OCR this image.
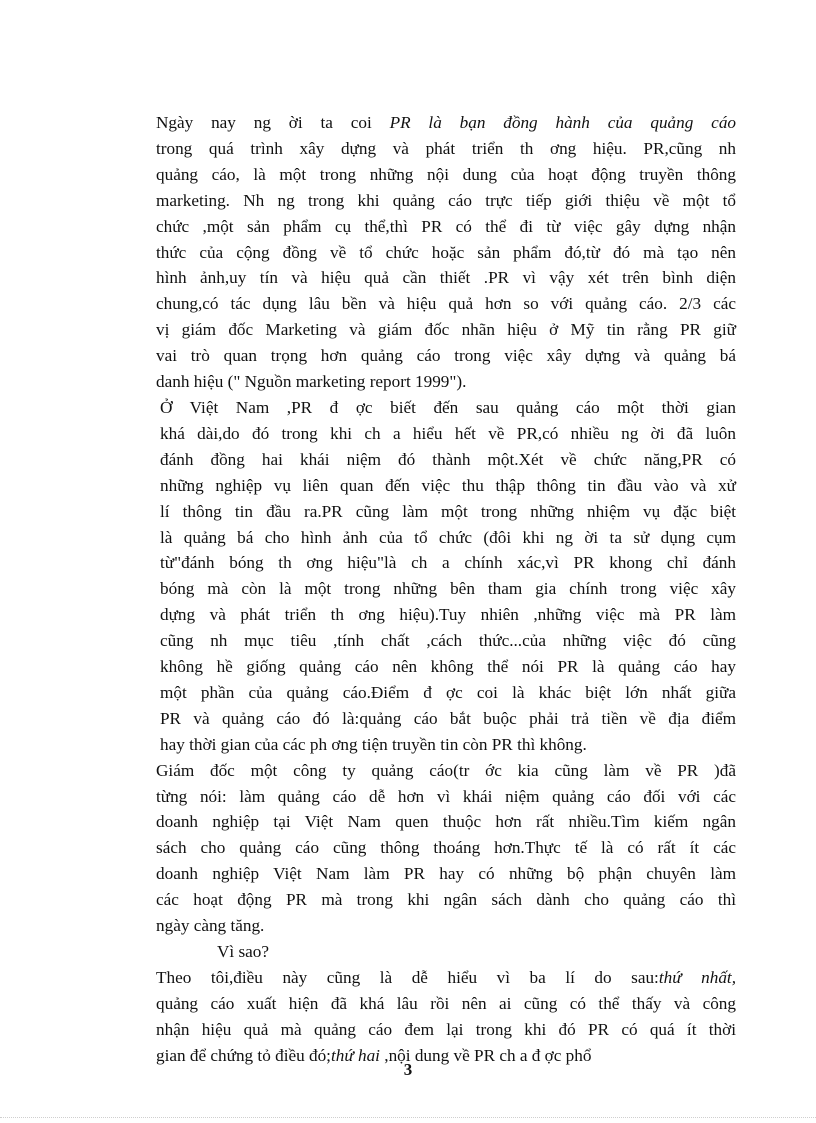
Ngày nay ng ời ta coi PR là bạn đồng hành của quảng cáo
trong quá trình xây dựng và phát triển th ơng hiệu. PR,cũng nh
quảng cáo, là một trong những nội dung của hoạt động truyền thông
marketing. Nh ng trong khi quảng cáo trực tiếp giới thiệu về một tổ
chức ,một sản phẩm cụ thể,thì PR có thể đi từ việc gây dựng nhận
thức của cộng đồng về tổ chức hoặc sản phẩm đó,từ đó mà tạo nên
hình ảnh,uy tín và hiệu quả cần thiết .PR vì vậy xét trên bình diện
chung,có tác dụng lâu bền và hiệu quả hơn so với quảng cáo. 2/3 các
vị giám đốc Marketing và giám đốc nhãn hiệu ở Mỹ tin rằng PR giữ
vai trò quan trọng hơn quảng cáo trong việc xây dựng và quảng bá
danh hiệu (" Nguồn marketing report 1999").

Ở Việt Nam ,PR đ ợc biết đến sau quảng cáo một thời gian
khá dài,do đó trong khi ch a hiểu hết về PR,có nhiều ng ời đã luôn
đánh đồng hai khái niệm đó thành một.Xét về chức năng,PR có
những nghiệp vụ liên quan đến việc thu thập thông tin đầu vào và xử
lí thông tin đầu ra.PR cũng làm một trong những nhiệm vụ đặc biệt
là quảng bá cho hình ảnh của tổ chức (đôi khi ng ời ta sử dụng cụm
từ"đánh bóng th ơng hiệu"là ch a chính xác,vì PR khong chỉ đánh
bóng mà còn là một trong những bên tham gia chính trong việc xây
dựng và phát triển th ơng hiệu).Tuy nhiên ,những việc mà PR làm
cũng nh mục tiêu ,tính chất ,cách thức...của những việc đó cũng
không hề giống quảng cáo nên không thể nói PR là quảng cáo hay
một phần của quảng cáo.Điểm đ ợc coi là khác biệt lớn nhất giữa
PR và quảng cáo đó là:quảng cáo bắt buộc phải trả tiền về địa điểm
hay thời gian của các ph ơng tiện truyền tin còn PR thì không.

Giám đốc một công ty quảng cáo(tr ớc kia cũng làm về PR )đã
từng nói: làm quảng cáo dễ hơn vì khái niệm quảng cáo đối với các
doanh nghiệp tại Việt Nam quen thuộc hơn rất nhiều.Tìm kiếm ngân
sách cho quảng cáo cũng thông thoáng hơn.Thực tế là có rất ít các
doanh nghiệp Việt Nam làm PR hay có những bộ phận chuyên làm
các hoạt động PR mà trong khi ngân sách dành cho quảng cáo thì
ngày càng tăng.

Vì sao?

Theo tôi,điều này cũng là dễ hiểu vì ba lí do sau:thứ nhất,
quảng cáo xuất hiện đã khá lâu rồi nên ai cũng có thể thấy và công
nhận hiệu quả mà quảng cáo đem lại trong khi đó PR có quá ít thời
gian để chứng tỏ điều đó;thứ hai ,nội dung về PR ch a đ ợc phổ

3
